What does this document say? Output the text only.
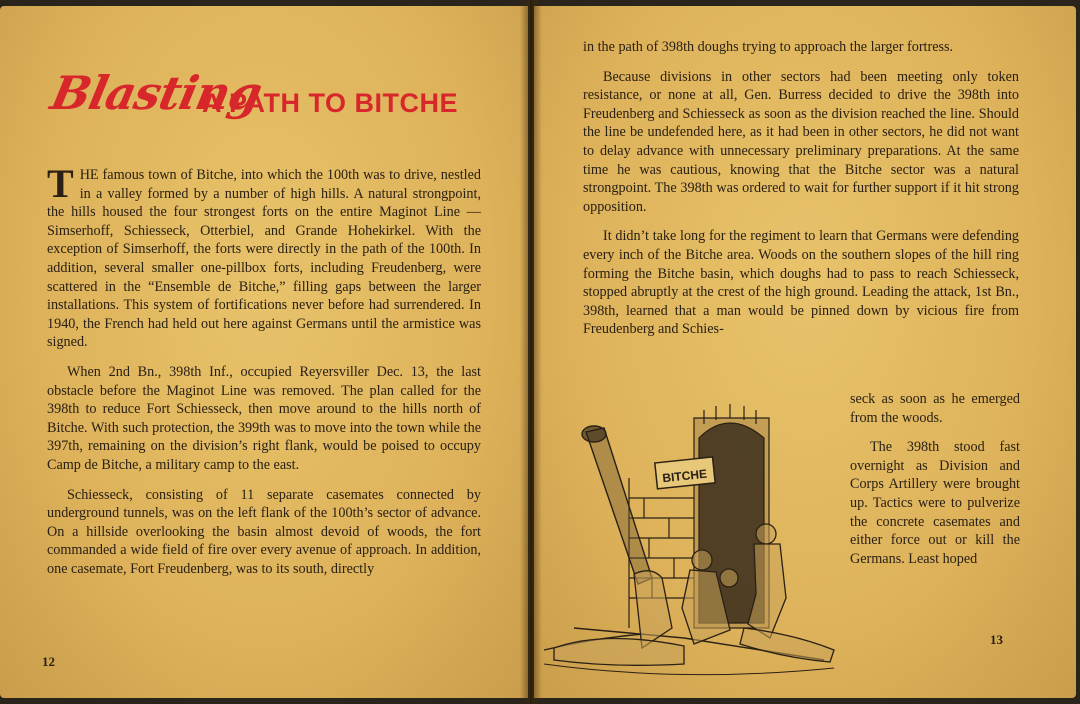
Blasting
A PATH TO BITCHE

THE famous town of Bitche, into which the 100th was to drive, nestled in a valley formed by a number of high hills. A natural strongpoint, the hills housed the four strongest forts on the entire Maginot Line — Simserhoff, Schiesseck, Otterbiel, and Grande Hohekirkel. With the exception of Simserhoff, the forts were directly in the path of the 100th. In addition, several smaller one-pillbox forts, including Freudenberg, were scattered in the “Ensemble de Bitche,” filling gaps between the larger installations. This system of fortifications never before had surrendered. In 1940, the French had held out here against Germans until the armistice was signed.

When 2nd Bn., 398th Inf., occupied Reyersviller Dec. 13, the last obstacle before the Maginot Line was removed. The plan called for the 398th to reduce Fort Schiesseck, then move around to the hills north of Bitche. With such protection, the 399th was to move into the town while the 397th, remaining on the division’s right flank, would be poised to occupy Camp de Bitche, a military camp to the east.

Schiesseck, consisting of 11 separate casemates connected by underground tunnels, was on the left flank of the 100th’s sector of advance. On a hillside overlooking the basin almost devoid of woods, the fort commanded a wide field of fire over every avenue of approach. In addition, one casemate, Fort Freudenberg, was to its south, directly

12

in the path of 398th doughs trying to approach the larger fortress.

Because divisions in other sectors had been meeting only token resistance, or none at all, Gen. Burress decided to drive the 398th into Freudenberg and Schiesseck as soon as the division reached the line. Should the line be undefended here, as it had been in other sectors, he did not want to delay advance with unnecessary preliminary preparations. At the same time he was cautious, knowing that the Bitche sector was a natural strongpoint. The 398th was ordered to wait for further support if it hit strong opposition.

It didn’t take long for the regiment to learn that Germans were defending every inch of the Bitche area. Woods on the southern slopes of the hill ring forming the Bitche basin, which doughs had to pass to reach Schiesseck, stopped abruptly at the crest of the high ground. Leading the attack, 1st Bn., 398th, learned that a man would be pinned down by vicious fire from Freudenberg and Schies-

seck as soon as he emerged from the woods.

The 398th stood fast overnight as Division and Corps Artillery were brought up. Tactics were to pulverize the concrete casemates and either force out or kill the Germans. Least hoped

BITCHE
13
